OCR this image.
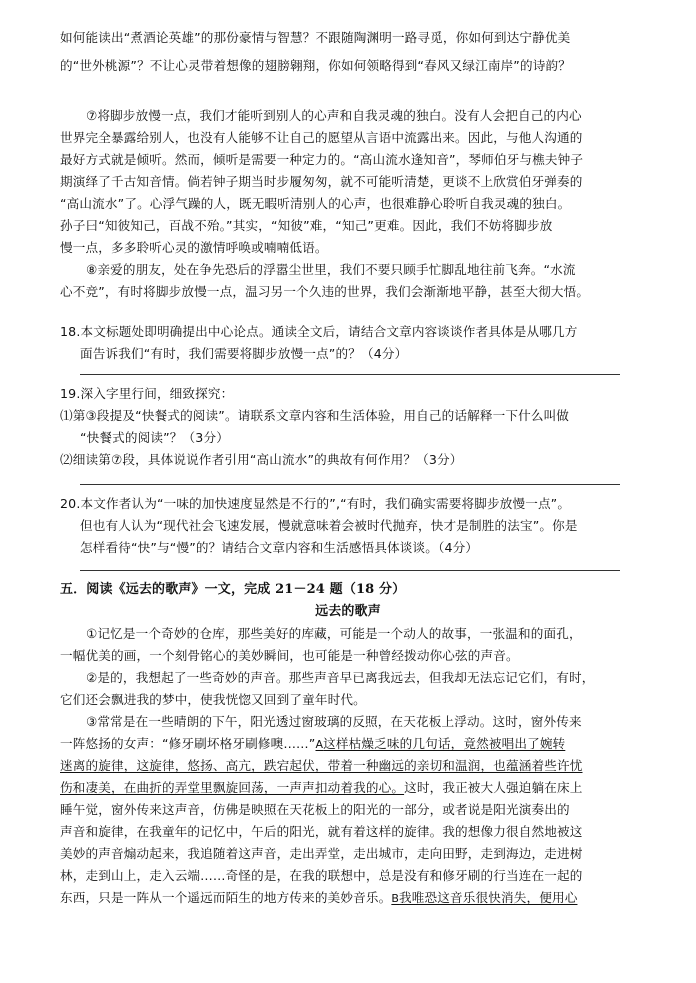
如何能读出“煮酒论英雄”的那份豪情与智慧？不跟随陶渊明一路寻觅，你如何到达宁静优美
的“世外桃源”？不让心灵带着想像的翅膀翱翔，你如何领略得到“春风又绿江南岸”的诗韵？
⑦将脚步放慢一点，我们才能听到别人的心声和自我灵魂的独白。没有人会把自己的内心
世界完全暴露给别人，也没有人能够不让自己的愿望从言语中流露出来。因此，与他人沟通的
最好方式就是倾听。然而，倾听是需要一种定力的。“高山流水逢知音”，琴师伯牙与樵夫钟子
期演绎了千古知音情。倘若钟子期当时步履匆匆，就不可能听清楚，更谈不上欣赏伯牙弹奏的
“高山流水”了。心浮气躁的人，既无暇听清别人的心声，也很难静心聆听自我灵魂的独白。
孙子曰“知彼知己，百战不殆。”其实，“知彼”难，“知己”更难。因此，我们不妨将脚步放
慢一点，多多聆听心灵的激情呼唤或喃喃低语。
⑧亲爱的朋友，处在争先恐后的浮嚣尘世里，我们不要只顾手忙脚乱地往前飞奔。“水流
心不竞”，有时将脚步放慢一点，温习另一个久违的世界，我们会渐渐地平静，甚至大彻大悟。
18.本文标题处即明确提出中心论点。通读全文后，请结合文章内容谈谈作者具体是从哪几方
面告诉我们“有时，我们需要将脚步放慢一点”的？（4分）
19.深入字里行间，细致探究：
⑴第③段提及“快餐式的阅读”。请联系文章内容和生活体验，用自己的话解释一下什么叫做
“快餐式的阅读”？（3分）
⑵细读第⑦段，具体说说作者引用“高山流水”的典故有何作用？（3分）
20.本文作者认为“一味的加快速度显然是不行的”,“有时，我们确实需要将脚步放慢一点”。
但也有人认为“现代社会飞速发展，慢就意味着会被时代抛弃，快才是制胜的法宝”。你是
怎样看待“快”与“慢”的？请结合文章内容和生活感悟具体谈谈。（4分）
五．阅读《远去的歌声》一文，完成 21－24 题（18 分）
远去的歌声
①记忆是一个奇妙的仓库，那些美好的库藏，可能是一个动人的故事，一张温和的面孔，
一幅优美的画，一个刻骨铭心的美妙瞬间，也可能是一种曾经拨动你心弦的声音。
②是的，我想起了一些奇妙的声音。那些声音早已离我远去，但我却无法忘记它们，有时，
它们还会飘进我的梦中，使我恍惚又回到了童年时代。
③常常是在一些晴朗的下午，阳光透过窗玻璃的反照，在天花板上浮动。这时，窗外传来
一阵悠扬的女声：“修牙刷坏格牙刷修噢……”A这样枯燥乏味的几句话，竟然被唱出了婉转
迷离的旋律，这旋律，悠扬、高亢，跌宕起伏，带着一种幽远的亲切和温润，也蕴涵着些许忧
伤和凄美，在曲折的弄堂里飘旋回荡，一声声扣动着我的心。这时，我正被大人强迫躺在床上
睡午觉，窗外传来这声音，仿佛是映照在天花板上的阳光的一部分，或者说是阳光演奏出的
声音和旋律，在我童年的记忆中，午后的阳光，就有着这样的旋律。我的想像力很自然地被这
美妙的声音煽动起来，我追随着这声音，走出弄堂，走出城市，走向田野，走到海边，走进树
林，走到山上，走入云端……奇怪的是，在我的联想中，总是没有和修牙刷的行当连在一起的
东西，只是一阵从一个遥远而陌生的地方传来的美妙音乐。B我唯恐这音乐很快消失，便用心
